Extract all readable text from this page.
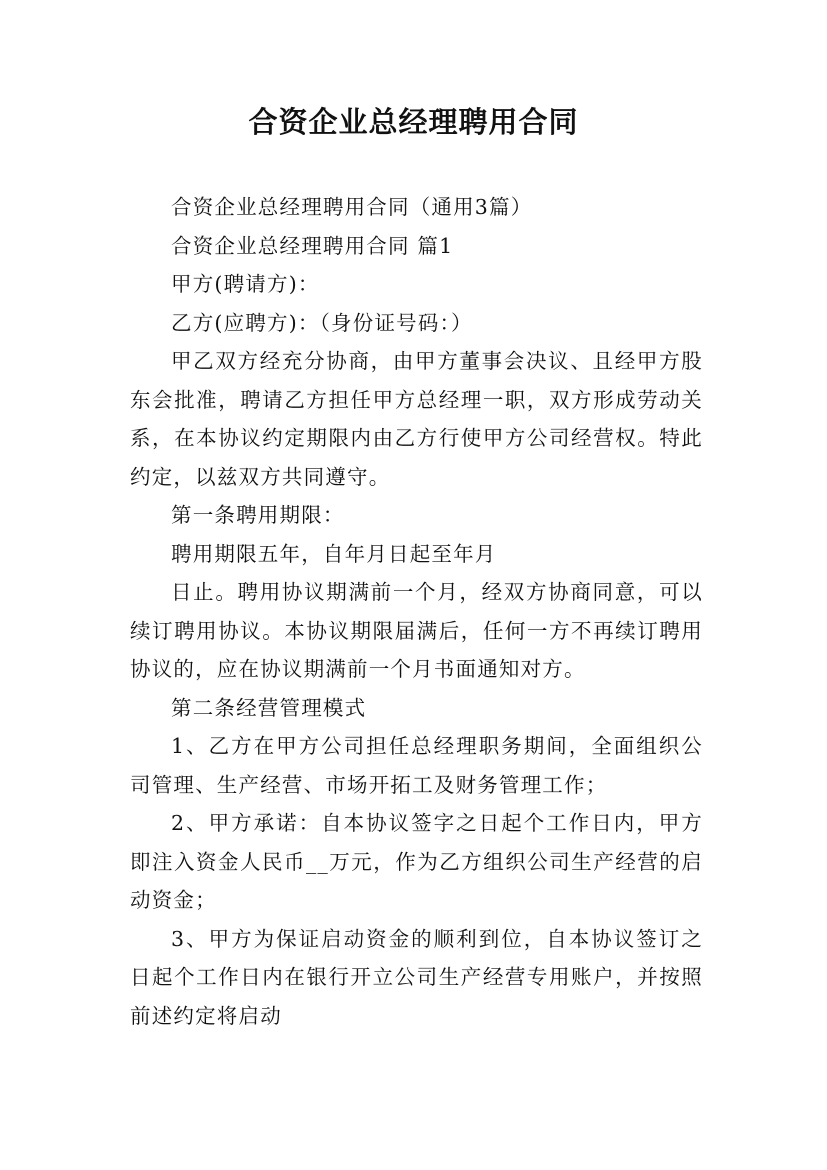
合资企业总经理聘用合同

合资企业总经理聘用合同（通用3篇）

合资企业总经理聘用合同 篇1

甲方(聘请方)：

乙方(应聘方)：（身份证号码：）

甲乙双方经充分协商，由甲方董事会决议、且经甲方股东会批准，聘请乙方担任甲方总经理一职，双方形成劳动关系，在本协议约定期限内由乙方行使甲方公司经营权。特此约定，以兹双方共同遵守。

第一条聘用期限：

聘用期限五年，自年月日起至年月

日止。聘用协议期满前一个月，经双方协商同意，可以续订聘用协议。本协议期限届满后，任何一方不再续订聘用协议的，应在协议期满前一个月书面通知对方。

第二条经营管理模式

1、乙方在甲方公司担任总经理职务期间，全面组织公司管理、生产经营、市场开拓工及财务管理工作；

2、甲方承诺：自本协议签字之日起个工作日内，甲方即注入资金人民币__万元，作为乙方组织公司生产经营的启动资金；

3、甲方为保证启动资金的顺利到位，自本协议签订之日起个工作日内在银行开立公司生产经营专用账户，并按照前述约定将启动
